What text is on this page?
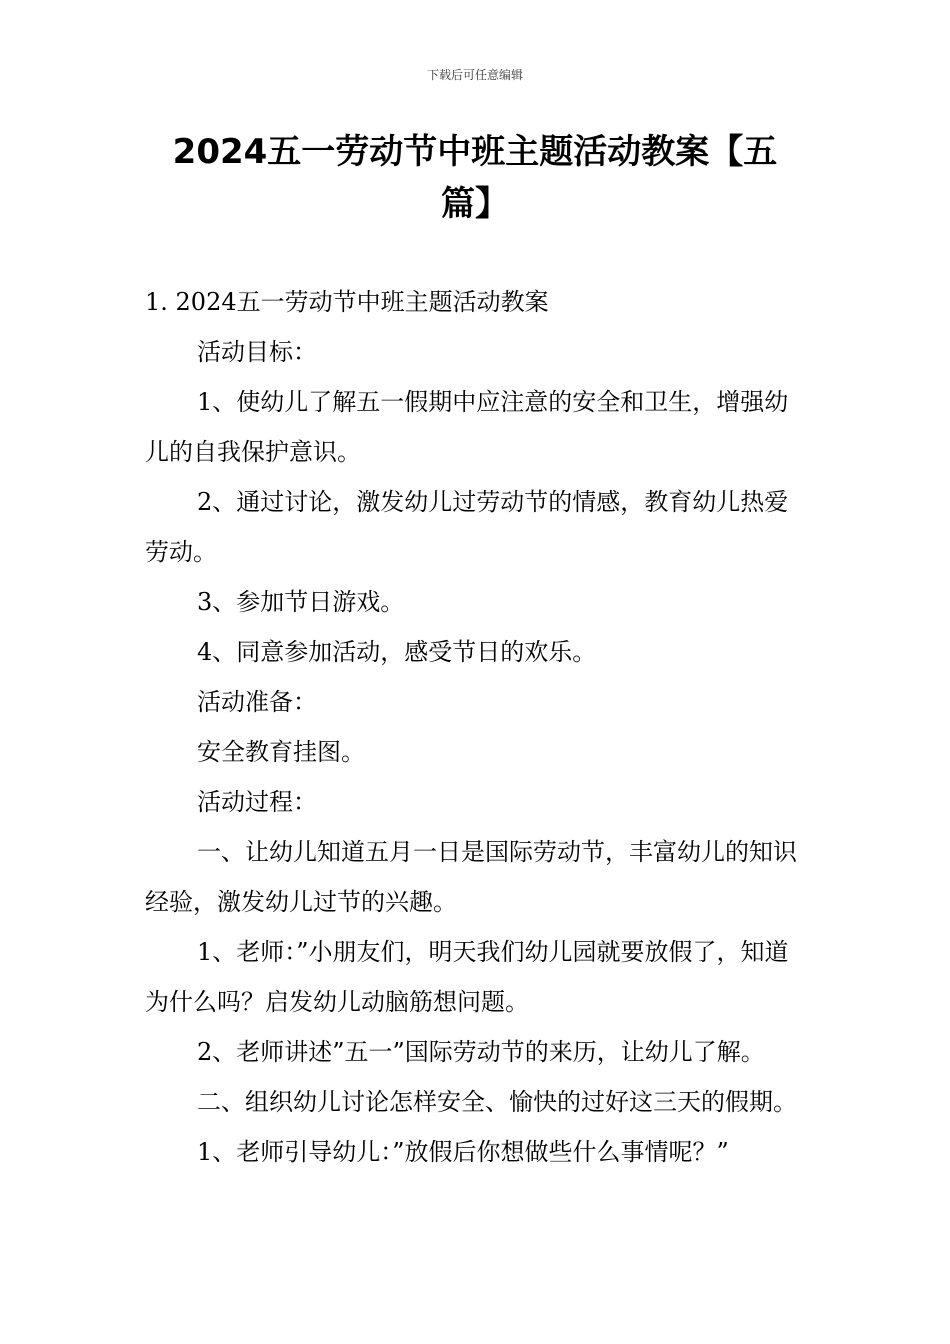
下载后可任意编辑
2024五一劳动节中班主题活动教案【五篇】

1. 2024五一劳动节中班主题活动教案

活动目标：

1、使幼儿了解五一假期中应注意的安全和卫生，增强幼儿的自我保护意识。

2、通过讨论，激发幼儿过劳动节的情感，教育幼儿热爱劳动。

3、参加节日游戏。

4、同意参加活动，感受节日的欢乐。

活动准备：

安全教育挂图。

活动过程：

一、让幼儿知道五月一日是国际劳动节，丰富幼儿的知识经验，激发幼儿过节的兴趣。

1、老师：”小朋友们，明天我们幼儿园就要放假了，知道为什么吗？启发幼儿动脑筋想问题。

2、老师讲述”五一”国际劳动节的来历，让幼儿了解。

二、组织幼儿讨论怎样安全、愉快的过好这三天的假期。

1、老师引导幼儿：”放假后你想做些什么事情呢？”
